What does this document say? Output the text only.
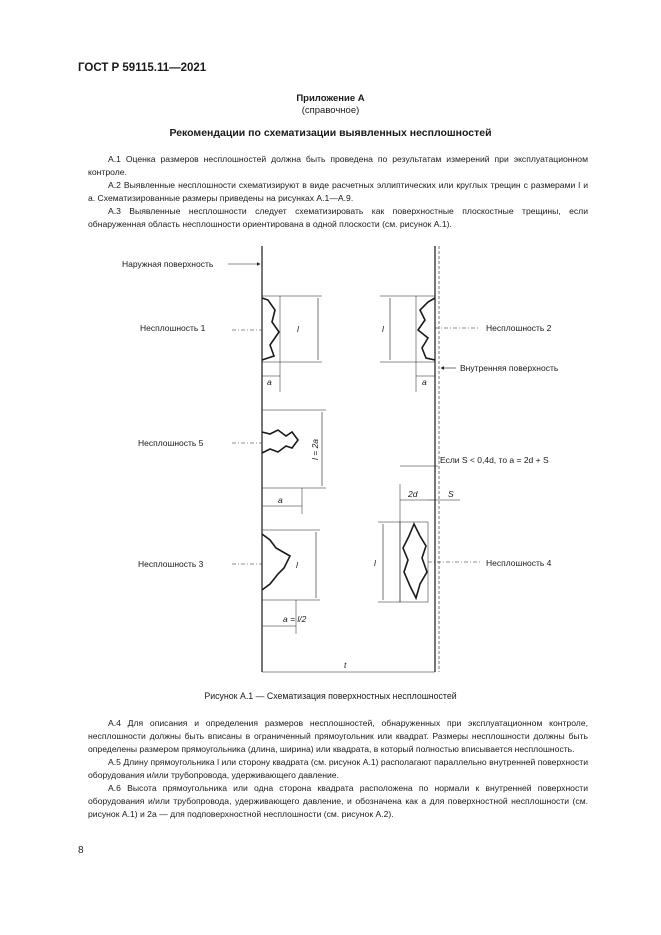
ГОСТ Р 59115.11—2021
Приложение А
(справочное)
Рекомендации по схематизации выявленных несплошностей

А.1 Оценка размеров несплошностей должна быть проведена по результатам измерений при эксплуатационном контроле.

А.2 Выявленные несплошности схематизируют в виде расчетных эллиптических или круглых трещин с размерами l и a. Схематизированные размеры приведены на рисунках А.1—А.9.

А.3 Выявленные несплошности следует схематизировать как поверхностные плоскостные трещины, если обнаруженная область несплошности ориентирована в одной плоскости (см. рисунок А.1).

l
a
Несплошность 1
Наружная поверхность
l
a
Несплошность 2
Внутренняя поверхность
l = 2a
a
Несплошность 5
Если S < 0,4d, то a = 2d + S
2d	S
l	Несплошность 4
l
a = l/2
Несплошность 3
t
Рисунок А.1 — Схематизация поверхностных несплошностей

А.4 Для описания и определения размеров несплошностей, обнаруженных при эксплуатационном контроле, несплошности должны быть вписаны в ограниченный прямоугольник или квадрат. Размеры несплошности должны быть определены размером прямоугольника (длина, ширина) или квадрата, в который полностью вписывается несплошность.

А.5 Длину прямоугольника l или сторону квадрата (см. рисунок А.1) располагают параллельно внутренней поверхности оборудования и/или трубопровода, удерживающего давление.

А.6 Высота прямоугольника или одна сторона квадрата расположена по нормали к внутренней поверхности оборудования и/или трубопровода, удерживающего давление, и обозначена как a для поверхностной несплошности (см. рисунок А.1) и 2a — для подповерхностной несплошности (см. рисунок А.2).

8
